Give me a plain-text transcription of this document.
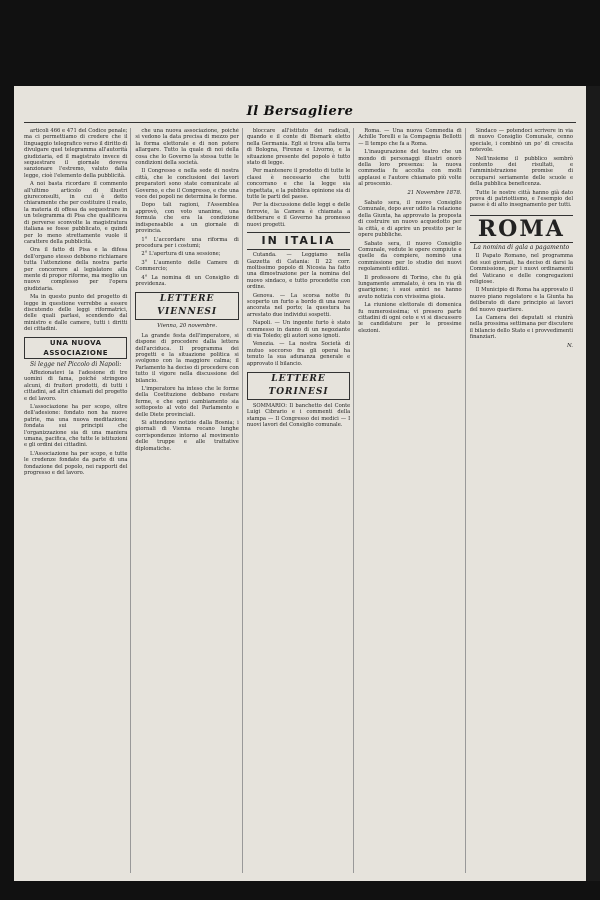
Il Bersagliere

articoli 466 e 471 del Codice penale; ma ci permettiamo di credere che il linguaggio telegrafico verso il diritto di divulgare quel telegramma all'autorità giudiziaria, ed il magistrato invece di sequestrare il giornale doveva sanzionare l'estremo, valuto dalla legge, cioè l'elemento della pubblicità.

A noi basta ricordare il commento all'ultimo articolo di illustri giureconsulti, in cui è detto chiaramente che per costituire il reato, la materia di offesa da sequestrare in un telegramma di Pisa che qualificava di perverse sconvolte la magistratura italiana se fosse pubblicato, e quindi per lo meno strettamente vuole il carattere della pubblicità.

Ora il fatto di Pisa e la difesa dell'organo stesso debbono richiamare tutta l'attenzione della nostra parte per concorrere al legislatore alla mente di propor riforme, ma meglio un nuovo complesso per l'opera giudiziaria.

Ma in questo punto del progetto di legge in questione verrebbe a essere discutendo delle leggi riformatrici, delle quali parlasi, scendendo dal ministro e dalle camere, tutti i diritti dei cittadini.

UNA NUOVA ASSOCIAZIONE
Si legge nel Piccolo di Napoli:

Affezionatevi la l'adesione di tre uomini di fama, poiché stringono alcuni, di fruitori prodotti, di tutti i cittadini, ad altri chiamati del progetto e del lavoro.

L'associazione ha per scopo, oltre dell'adesione: fondato non ha nuove patrie, ma una nuova meditazione; fondata sui principii che l'organizzazione sia di una maniera umana, pacifica, che tutte le istituzioni e gli ordini dei cittadini.

L'Associazione ha per scopo, e tutte le credenze fondate da parte di una fondazione del popolo, nei rapporti del progresso e del lavoro.

che una nuova associazione, poiché si vedono la data precisa di mezzo per la forma elettorale e di non potere allargare. Tutto la quale di noi della cosa che lo Governo la stessa tutte le condizioni della società.

Il Congresso e nella sede di nostra città, che le conclusioni dei lavori preparatori sono state comunicate al Governo, e che il Congresso, e che una voce dei popoli ne determina le forme.

Dopo tali ragioni, l'Assemblea approvò, con voto unanime, una formula che era la condizione indispensabile a un giornale di provincia.

1° L'accordare una riforma di procedura per i costumi;

2° L'apertura di una sessione;

3° L'aumento delle Camere di Commercio;

4° La nomina di un Consiglio di previdenza.

LETTERE VIENNESI
Vienna, 20 novembre.

La grande festa dell'imperatore, si dispone di procedere dalla lettera dell'arciduca. Il programma dei progetti e la situazione politica si svolgono con la maggiore calma; il Parlamento ha deciso di procedere con tutto il vigore nella discussione del bilancio.

L'imperatore ha inteso che le forme della Costituzione debbano restare ferme, e che ogni cambiamento sia sottoposto al voto del Parlamento e delle Diete provinciali.

Si attendono notizie dalla Bosnia; i giornali di Vienna recano lunghe corrispondenze intorno al movimento delle truppe e alle trattative diplomatiche.

bloccare all'istituto dei radicali, quando e il conte di Bismark eletto nella Germania. Egli si trova alla terra di Bologna, Firenze e Livorno, e la situazione presente del popolo è tutto stato di legge.

Per mantenere il prodotto di tutte le classi è necessario che tutti concorrano e che la legge sia rispettata, e la pubblica opinione sia di tutte le parti del paese.

Per la discussione delle leggi e delle ferrovie, la Camera è chiamata a deliberare e il Governo ha promesso nuovi progetti.

IN ITALIA

Cutanda. — Leggiamo nella Gazzetta di Catania: Il 22 corr. moltissimo popolo di Nicosia ha fatto una dimostrazione per la nomina del nuovo sindaco, e tutto procedette con ordine.

Genova. — La scorsa notte fu scoperto un furto a bordo di una nave ancorata nel porto; la questura ha arrestato due individui sospetti.

Napoli. — Un ingente furto è stato commesso in danno di un negoziante di via Toledo; gli autori sono ignoti.

Venezia. — La nostra Società di mutuo soccorso fra gli operai ha tenuto la sua adunanza generale e approvato il bilancio.

LETTERE TORINESI

SOMMARIO: Il banchetto del Conte Luigi Cibrario e i commenti della stampa — Il Congresso dei medici — I nuovi lavori del Consiglio comunale.

Roma. — Una nuova Commedia di Achille Torelli e la Compagnia Bellotti — Il tempo che fa a Roma.

L'inaugurazione del teatro che un mondo di personaggi illustri onorò della loro presenza: la nuova commedia fu accolta con molti applausi e l'autore chiamato più volte al proscenio.

21 Novembre 1878.

Sabato sera, il nuovo Consiglio Comunale, dopo aver udito la relazione della Giunta, ha approvato la proposta di costruire un nuovo acquedotto per la città, e di aprire un prestito per le opere pubbliche.

Sabato sera, il nuovo Consiglio Comunale, vedute le opere compiute e quelle da compiere, nominò una commissione per lo studio dei nuovi regolamenti edilizi.

Il professore di Torino, che fu già lungamente ammalato, è ora in via di guarigione; i suoi amici ne hanno avuto notizia con vivissima gioia.

La riunione elettorale di domenica fu numerosissima; vi presero parte cittadini di ogni ceto e vi si discussero le candidature per le prossime elezioni.

Sindaco — potendoci scrivere in via di nuovo Consiglio Comunale, cenno speciale, i combinò un po' di crescita notevole.

Nell'insieme il pubblico sembrò contento dei risultati, e l'amministrazione promise di occuparsi seriamente delle scuole e della pubblica beneficenza.

Tutte le nostre città hanno già dato prova di patriottismo, e l'esempio del paese è di alto insegnamento per tutti.

ROMA
La nomina di gala a pagamento

Il Papato Romano, nel programma dei suoi giornali, ha deciso di darsi la Commissione, per i nuovi ordinamenti del Vaticano e delle congregazioni religiose.

Il Municipio di Roma ha approvato il nuovo piano regolatore e la Giunta ha deliberato di dare principio ai lavori del nuovo quartiere.

La Camera dei deputati si riunirà nella prossima settimana per discutere il bilancio dello Stato e i provvedimenti finanziari.

N.
